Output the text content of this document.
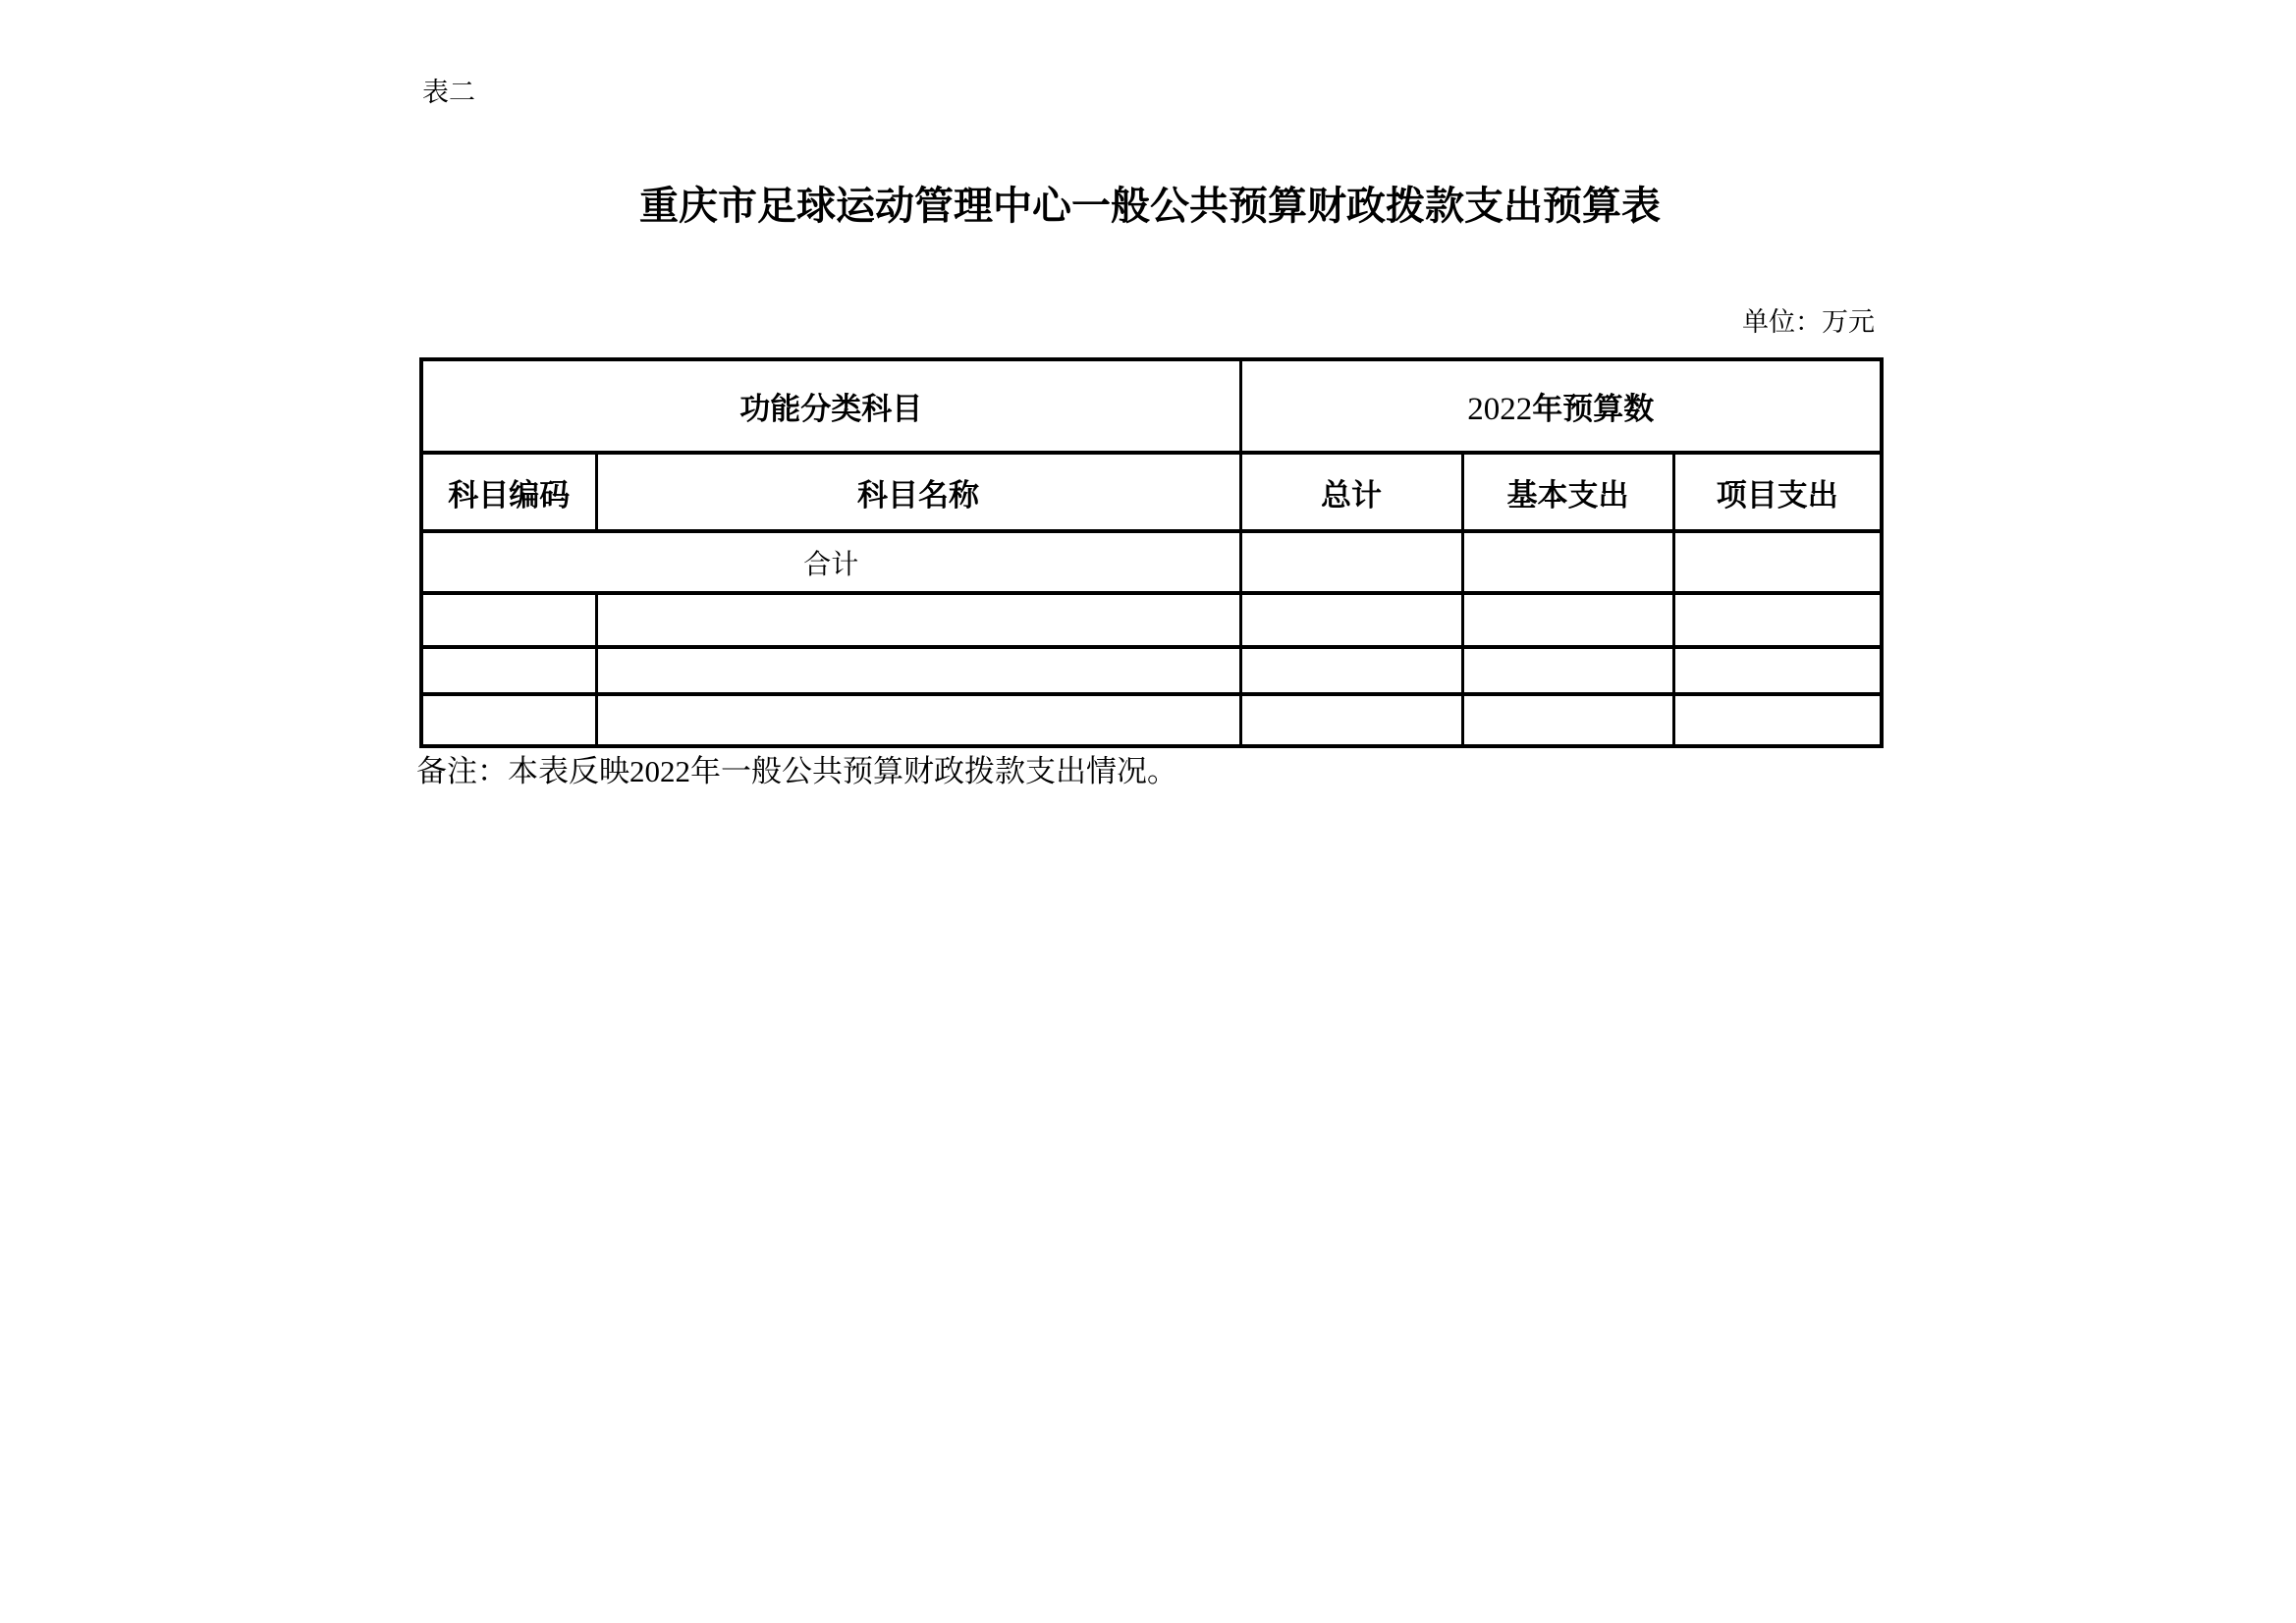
表二
重庆市足球运动管理中心一般公共预算财政拨款支出预算表
单位：万元
功能分类科目		2022年预算数		
科目编码	科目名称	总计	基本支出	项目支出
合计				

备注：本表反映2022年一般公共预算财政拨款支出情况。
